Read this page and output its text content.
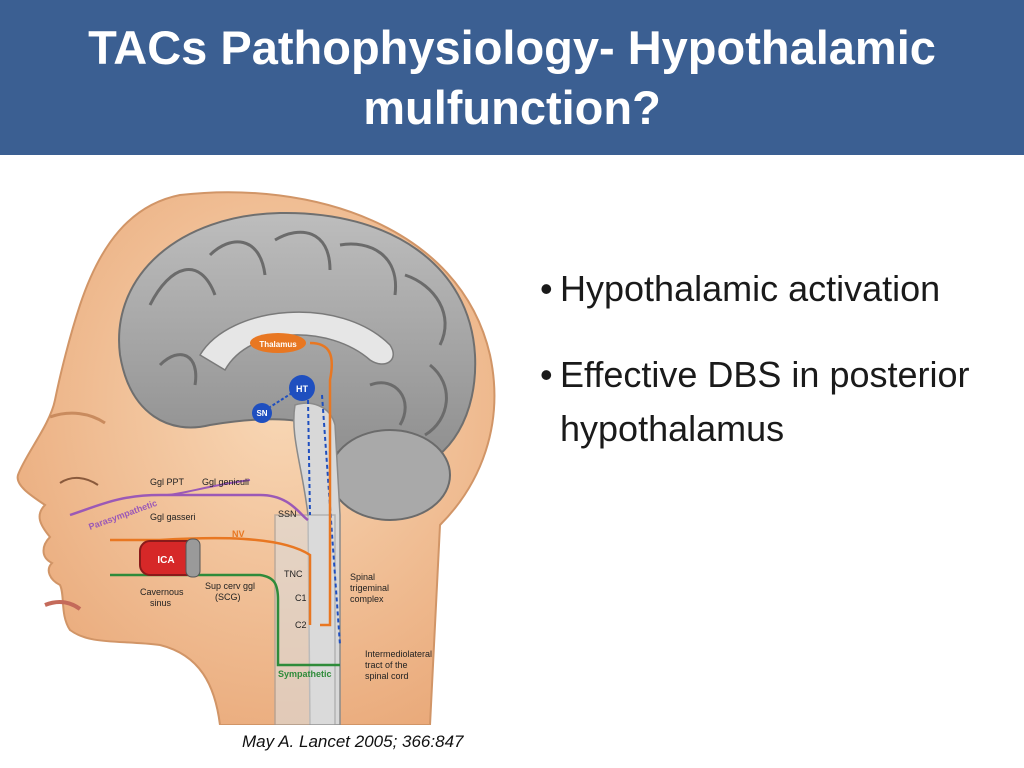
TACs Pathophysiology- Hypothalamic mulfunction?
Thalamus
HT
SN
ICA
Ggl PPT Ggl geniculi
Parasympathetic
Ggl gasseri	SSN
NV
TNC
C1
C2
Cavernous
sinus
Sup cerv ggl
(SCG)
Spinal
trigeminal
complex
Intermediolateral
tract of the
spinal cord
Sympathetic
• Hypothalamic activation
• Effective DBS in posterior hypothalamus
May A. Lancet 2005; 366:847
